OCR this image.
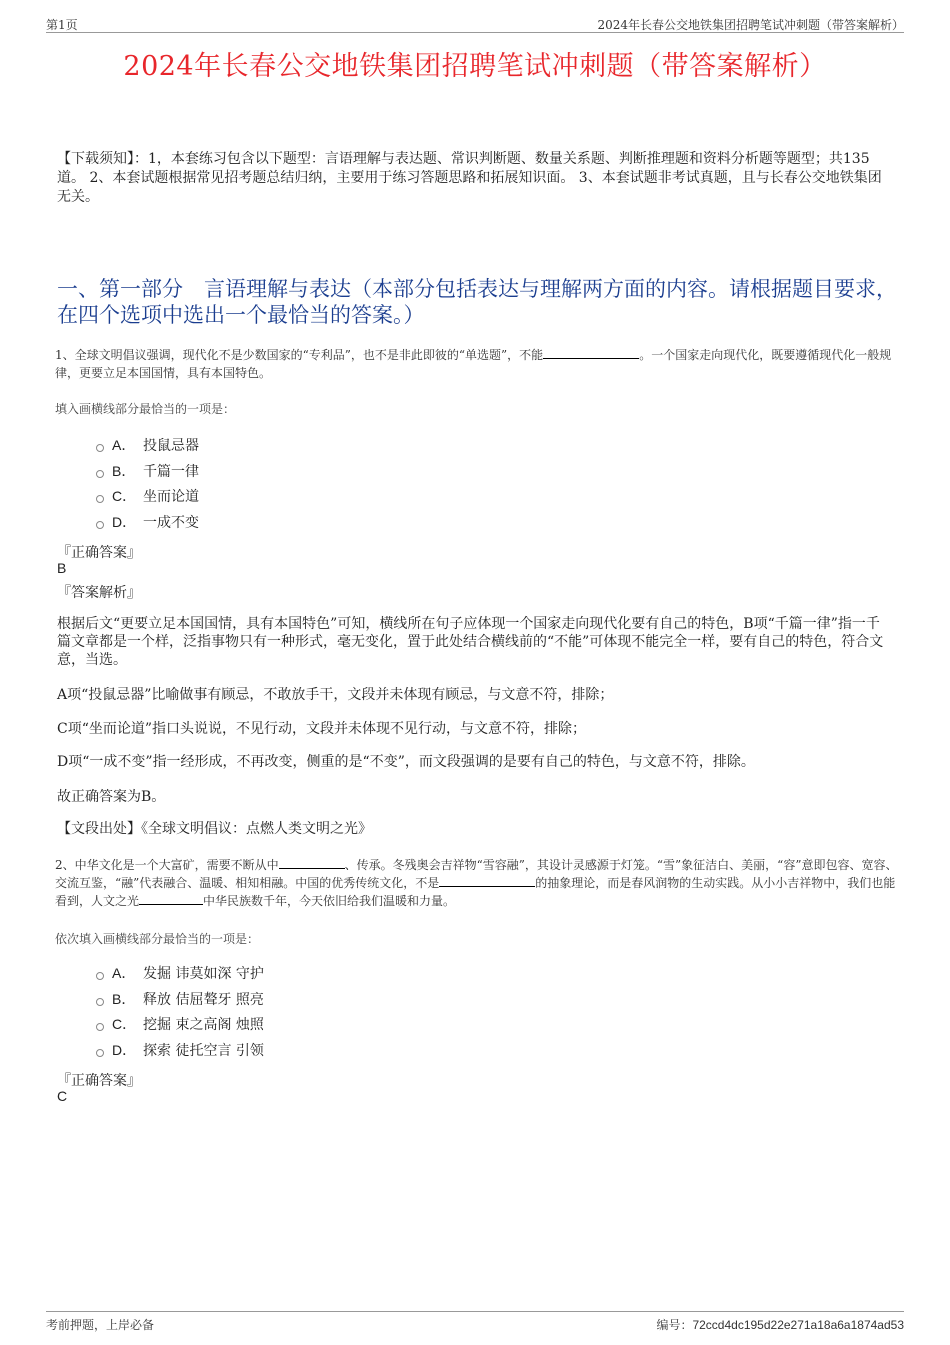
第1页	2024年长春公交地铁集团招聘笔试冲刺题（带答案解析）
2024年长春公交地铁集团招聘笔试冲刺题（带答案解析）
【下载须知】：1，本套练习包含以下题型：言语理解与表达题、常识判断题、数量关系题、判断推理题和资料分析题等题型；共135道。 2、本套试题根据常见招考题总结归纳，主要用于练习答题思路和拓展知识面。 3、本套试题非考试真题，且与长春公交地铁集团无关。
一、第一部分　言语理解与表达（本部分包括表达与理解两方面的内容。请根据题目要求，在四个选项中选出一个最恰当的答案。）
1、全球文明倡议强调，现代化不是少数国家的“专利品”，也不是非此即彼的“单选题”，不能	。一个国家走向现代化，既要遵循现代化一般规律，更要立足本国国情，具有本国特色。
填入画横线部分最恰当的一项是：
A． 投鼠忌器
B． 千篇一律
C． 坐而论道
D． 一成不变
『正确答案』
B
『答案解析』
根据后文“更要立足本国国情，具有本国特色”可知，横线所在句子应体现一个国家走向现代化要有自己的特色，B项“千篇一律”指一千篇文章都是一个样，泛指事物只有一种形式，毫无变化，置于此处结合横线前的“不能”可体现不能完全一样，要有自己的特色，符合文意，当选。
A项“投鼠忌器”比喻做事有顾忌，不敢放手干，文段并未体现有顾忌，与文意不符，排除；
C项“坐而论道”指口头说说，不见行动，文段并未体现不见行动，与文意不符，排除；
D项“一成不变”指一经形成，不再改变，侧重的是“不变”，而文段强调的是要有自己的特色，与文意不符，排除。
故正确答案为B。
【文段出处】《全球文明倡议：点燃人类文明之光》
2、中华文化是一个大富矿，需要不断从中	、传承。冬残奥会吉祥物“雪容融”，其设计灵感源于灯笼。“雪”象征洁白、美丽，“容”意即包容、宽容、交流互鉴，“融”代表融合、温暖、相知相融。中国的优秀传统文化，不是	的抽象理论，而是春风润物的生动实践。从小小吉祥物中，我们也能看到，人文之光	中华民族数千年，今天依旧给我们温暖和力量。
依次填入画横线部分最恰当的一项是：
A． 发掘 讳莫如深 守护
B． 释放 佶屈聱牙 照亮
C． 挖掘 束之高阁 烛照
D． 探索 徒托空言 引领
『正确答案』
C
考前押题，上岸必备	编号：72ccd4dc195d22e271a18a6a1874ad53
